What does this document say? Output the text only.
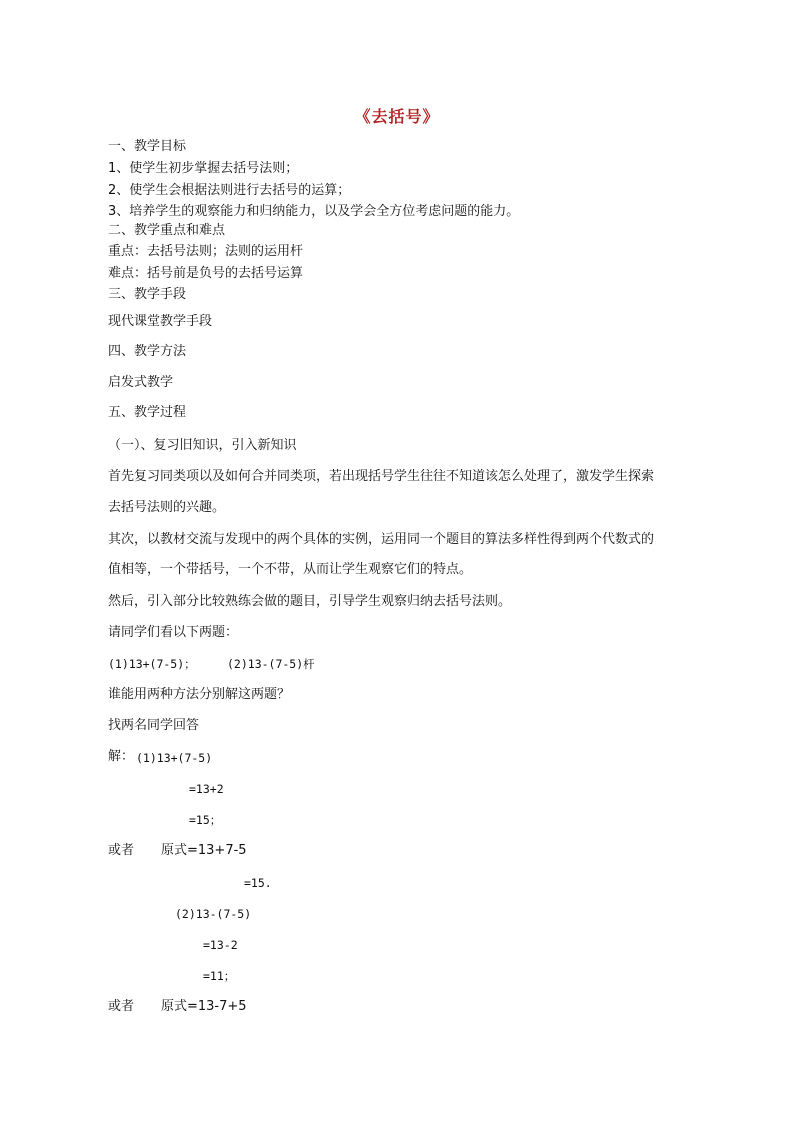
《去括号》
一、教学目标
1、使学生初步掌握去括号法则；
2、使学生会根据法则进行去括号的运算；
3、培养学生的观察能力和归纳能力，以及学会全方位考虑问题的能力。
二、教学重点和难点
重点：去括号法则；法则的运用杆
难点：括号前是负号的去括号运算
三、教学手段
现代课堂教学手段
四、教学方法
启发式教学
五、教学过程
（一）、复习旧知识，引入新知识
首先复习同类项以及如何合并同类项，若出现括号学生往往不知道该怎么处理了，激发学生探索
去括号法则的兴趣。
其次，以教材交流与发现中的两个具体的实例，运用同一个题目的算法多样性得到两个代数式的
值相等，一个带括号，一个不带，从而让学生观察它们的特点。
然后，引入部分比较熟练会做的题目，引导学生观察归纳去括号法则。
请同学们看以下两题：
(1)13+(7-5)；	(2)13-(7-5)杆
谁能用两种方法分别解这两题？
找两名同学回答
解： (1)13+(7-5)
=13+2
=15；
或者 原式=13+7-5
=15.
(2)13-(7-5)
=13-2
=11；
或者 原式=13-7+5
